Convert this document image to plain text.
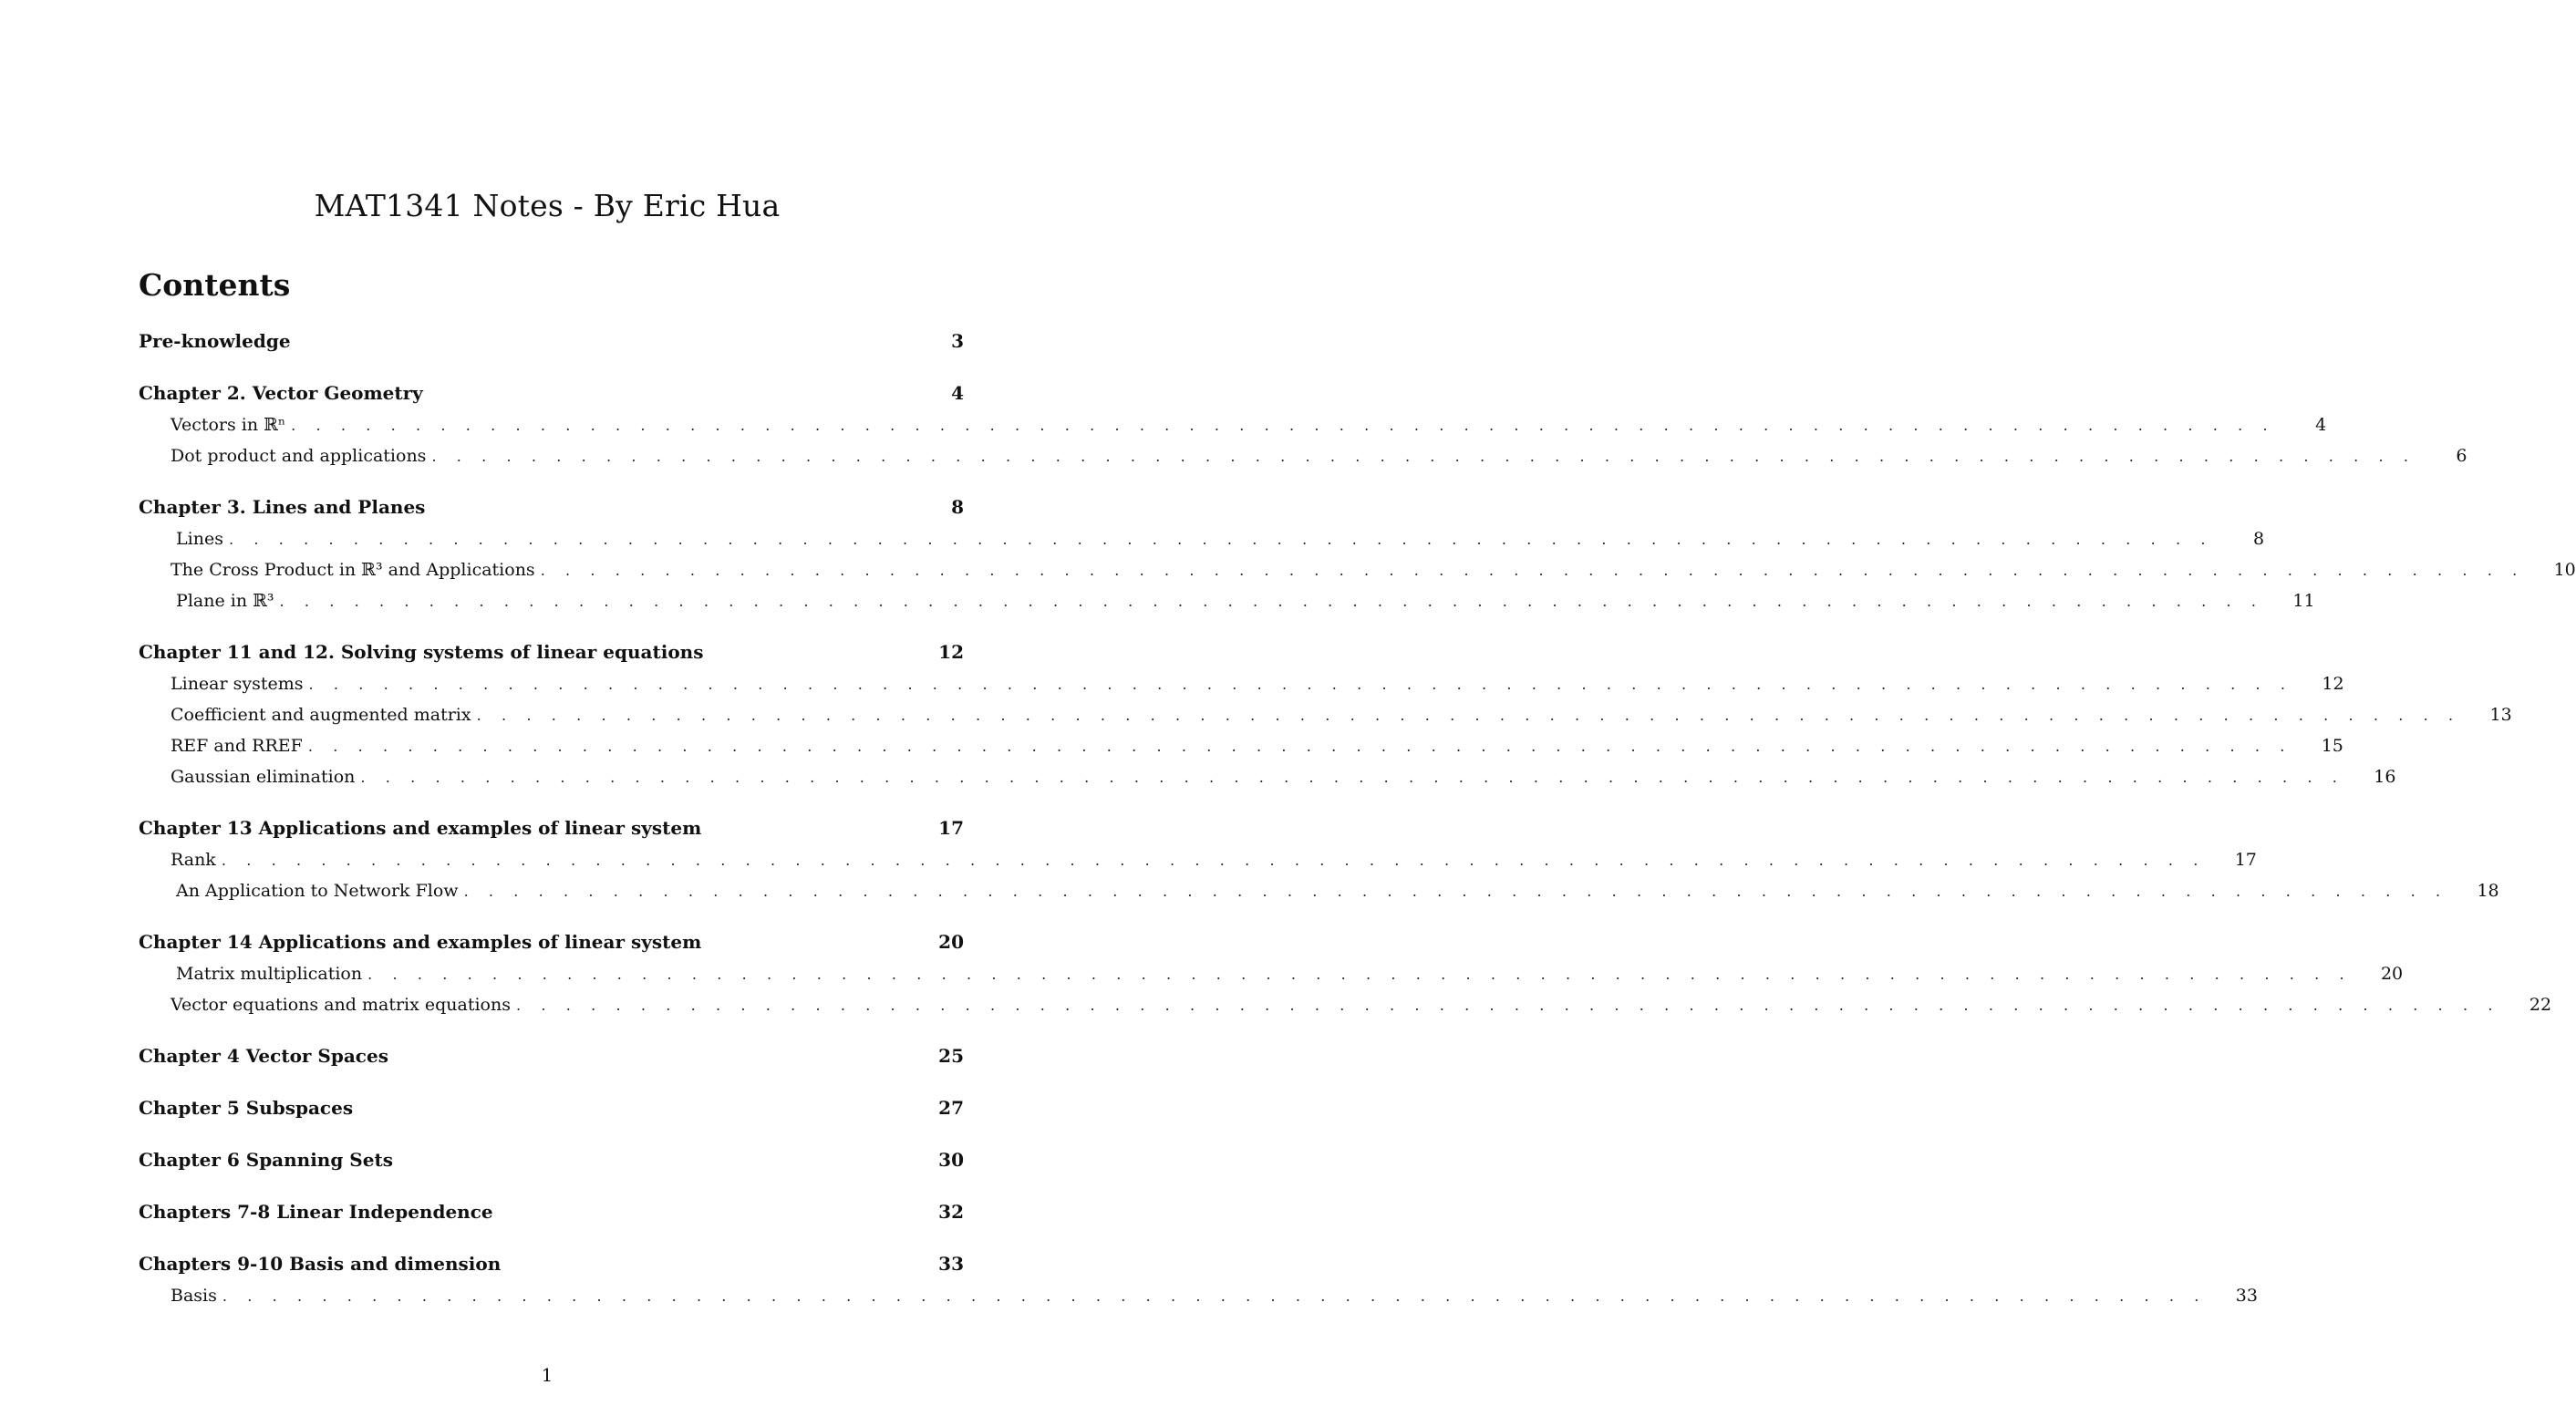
MAT1341 Notes - By Eric Hua
Contents
Pre-knowledge	3
Chapter 2. Vector Geometry	4
Vectors in ℝⁿ . . . . . . . . . . . . . . . . . . . . . . . . . . . . . . . . . . . . . . . . . . . . . . . . . . . . . . . . . . . . . . . . . . . . . . . . . . . . . . . .	4
Dot product and applications . . . . . . . . . . . . . . . . . . . . . . . . . . . . . . . . . . . . . . . . . . . . . . . . . . . . . . . . . . . . . . . . . . . . . . . . . . . . . . . .	6
Chapter 3. Lines and Planes	8
Lines . . . . . . . . . . . . . . . . . . . . . . . . . . . . . . . . . . . . . . . . . . . . . . . . . . . . . . . . . . . . . . . . . . . . . . . . . . . . . . . .	8
The Cross Product in ℝ³ and Applications . . . . . . . . . . . . . . . . . . . . . . . . . . . . . . . . . . . . . . . . . . . . . . . . . . . . . . . . . . . . . . . . . . . . . . . . . . . . . . . .	10
Plane in ℝ³ . . . . . . . . . . . . . . . . . . . . . . . . . . . . . . . . . . . . . . . . . . . . . . . . . . . . . . . . . . . . . . . . . . . . . . . . . . . . . . . .	11
Chapter 11 and 12. Solving systems of linear equations	12
Linear systems . . . . . . . . . . . . . . . . . . . . . . . . . . . . . . . . . . . . . . . . . . . . . . . . . . . . . . . . . . . . . . . . . . . . . . . . . . . . . . . .	12
Coefficient and augmented matrix . . . . . . . . . . . . . . . . . . . . . . . . . . . . . . . . . . . . . . . . . . . . . . . . . . . . . . . . . . . . . . . . . . . . . . . . . . . . . . . .	13
REF and RREF . . . . . . . . . . . . . . . . . . . . . . . . . . . . . . . . . . . . . . . . . . . . . . . . . . . . . . . . . . . . . . . . . . . . . . . . . . . . . . . .	15
Gaussian elimination . . . . . . . . . . . . . . . . . . . . . . . . . . . . . . . . . . . . . . . . . . . . . . . . . . . . . . . . . . . . . . . . . . . . . . . . . . . . . . . .	16
Chapter 13 Applications and examples of linear system	17
Rank . . . . . . . . . . . . . . . . . . . . . . . . . . . . . . . . . . . . . . . . . . . . . . . . . . . . . . . . . . . . . . . . . . . . . . . . . . . . . . . .	17
An Application to Network Flow . . . . . . . . . . . . . . . . . . . . . . . . . . . . . . . . . . . . . . . . . . . . . . . . . . . . . . . . . . . . . . . . . . . . . . . . . . . . . . . .	18
Chapter 14 Applications and examples of linear system	20
Matrix multiplication . . . . . . . . . . . . . . . . . . . . . . . . . . . . . . . . . . . . . . . . . . . . . . . . . . . . . . . . . . . . . . . . . . . . . . . . . . . . . . . .	20
Vector equations and matrix equations . . . . . . . . . . . . . . . . . . . . . . . . . . . . . . . . . . . . . . . . . . . . . . . . . . . . . . . . . . . . . . . . . . . . . . . . . . . . . . . .	22
Chapter 4 Vector Spaces	25
Chapter 5 Subspaces	27
Chapter 6 Spanning Sets	30
Chapters 7-8 Linear Independence	32
Chapters 9-10 Basis and dimension	33
Basis . . . . . . . . . . . . . . . . . . . . . . . . . . . . . . . . . . . . . . . . . . . . . . . . . . . . . . . . . . . . . . . . . . . . . . . . . . . . . . . .	33
1
